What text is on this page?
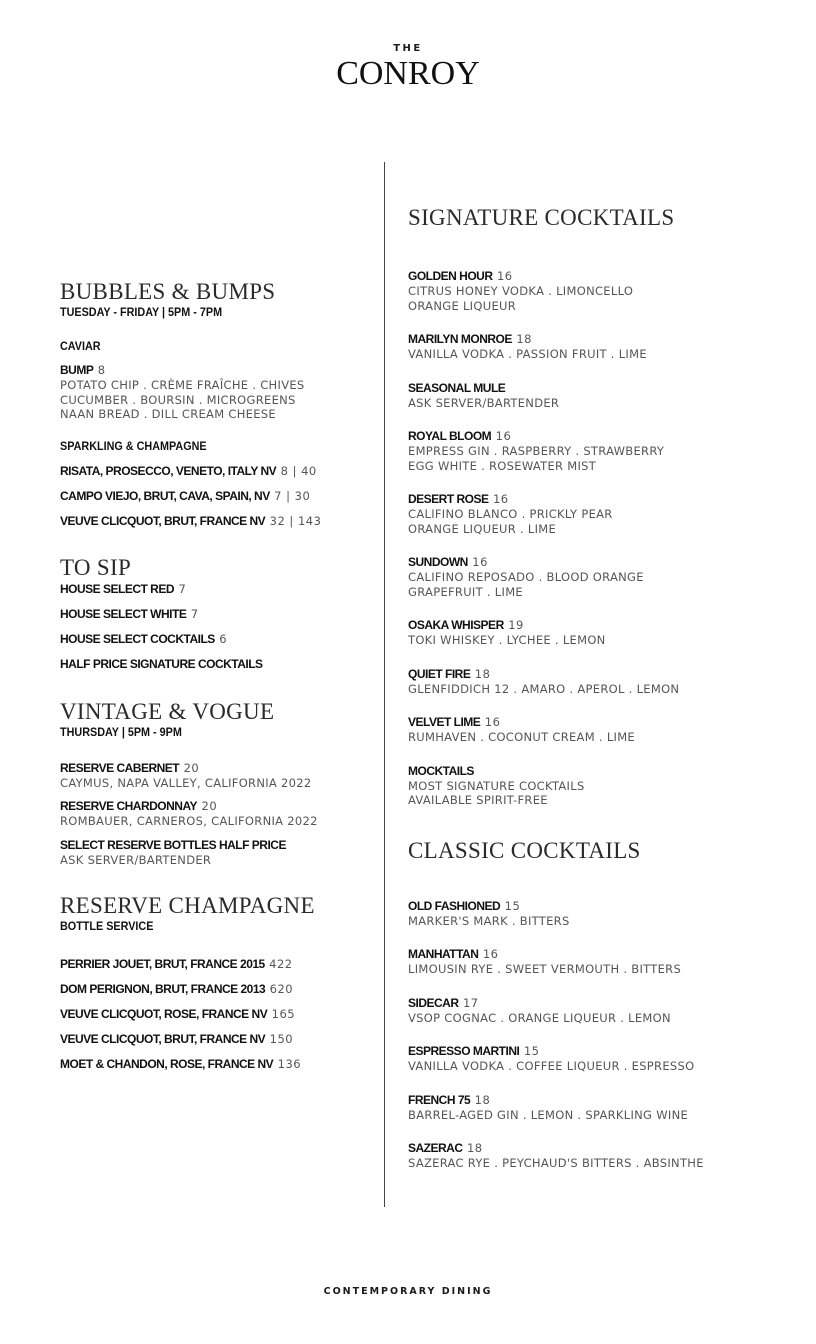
THE
CONROY
BUBBLES & BUMPS
TUESDAY - FRIDAY | 5PM - 7PM
CAVIAR
BUMP 8
POTATO CHIP . CRÈME FRAÎCHE . CHIVES
CUCUMBER . BOURSIN . MICROGREENS
NAAN BREAD . DILL CREAM CHEESE
SPARKLING & CHAMPAGNE
RISATA, PROSECCO, VENETO, ITALY NV 8 | 40
CAMPO VIEJO, BRUT, CAVA, SPAIN, NV 7 | 30
VEUVE CLICQUOT, BRUT, FRANCE NV 32 | 143
TO SIP
HOUSE SELECT RED 7
HOUSE SELECT WHITE 7
HOUSE SELECT COCKTAILS 6
HALF PRICE SIGNATURE COCKTAILS
VINTAGE & VOGUE
THURSDAY | 5PM - 9PM
RESERVE CABERNET 20
CAYMUS, NAPA VALLEY, CALIFORNIA 2022
RESERVE CHARDONNAY 20
ROMBAUER, CARNEROS, CALIFORNIA 2022
SELECT RESERVE BOTTLES HALF PRICE
ASK SERVER/BARTENDER
RESERVE CHAMPAGNE
BOTTLE SERVICE
PERRIER JOUET, BRUT, FRANCE 2015 422
DOM PERIGNON, BRUT, FRANCE 2013 620
VEUVE CLICQUOT, ROSE, FRANCE NV 165
VEUVE CLICQUOT, BRUT, FRANCE NV 150
MOET & CHANDON, ROSE, FRANCE NV 136
SIGNATURE COCKTAILS
GOLDEN HOUR 16
CITRUS HONEY VODKA . LIMONCELLO
ORANGE LIQUEUR
MARILYN MONROE 18
VANILLA VODKA . PASSION FRUIT . LIME
SEASONAL MULE
ASK SERVER/BARTENDER
ROYAL BLOOM 16
EMPRESS GIN . RASPBERRY . STRAWBERRY
EGG WHITE . ROSEWATER MIST
DESERT ROSE 16
CALIFINO BLANCO . PRICKLY PEAR
ORANGE LIQUEUR . LIME
SUNDOWN 16
CALIFINO REPOSADO . BLOOD ORANGE
GRAPEFRUIT . LIME
OSAKA WHISPER 19
TOKI WHISKEY . LYCHEE . LEMON
QUIET FIRE 18
GLENFIDDICH 12 . AMARO . APEROL . LEMON
VELVET LIME 16
RUMHAVEN . COCONUT CREAM . LIME
MOCKTAILS
MOST SIGNATURE COCKTAILS
AVAILABLE SPIRIT-FREE
CLASSIC COCKTAILS
OLD FASHIONED 15
MARKER'S MARK . BITTERS
MANHATTAN 16
LIMOUSIN RYE . SWEET VERMOUTH . BITTERS
SIDECAR 17
VSOP COGNAC . ORANGE LIQUEUR . LEMON
ESPRESSO MARTINI 15
VANILLA VODKA . COFFEE LIQUEUR . ESPRESSO
FRENCH 75 18
BARREL-AGED GIN . LEMON . SPARKLING WINE
SAZERAC 18
SAZERAC RYE . PEYCHAUD'S BITTERS . ABSINTHE
CONTEMPORARY DINING
